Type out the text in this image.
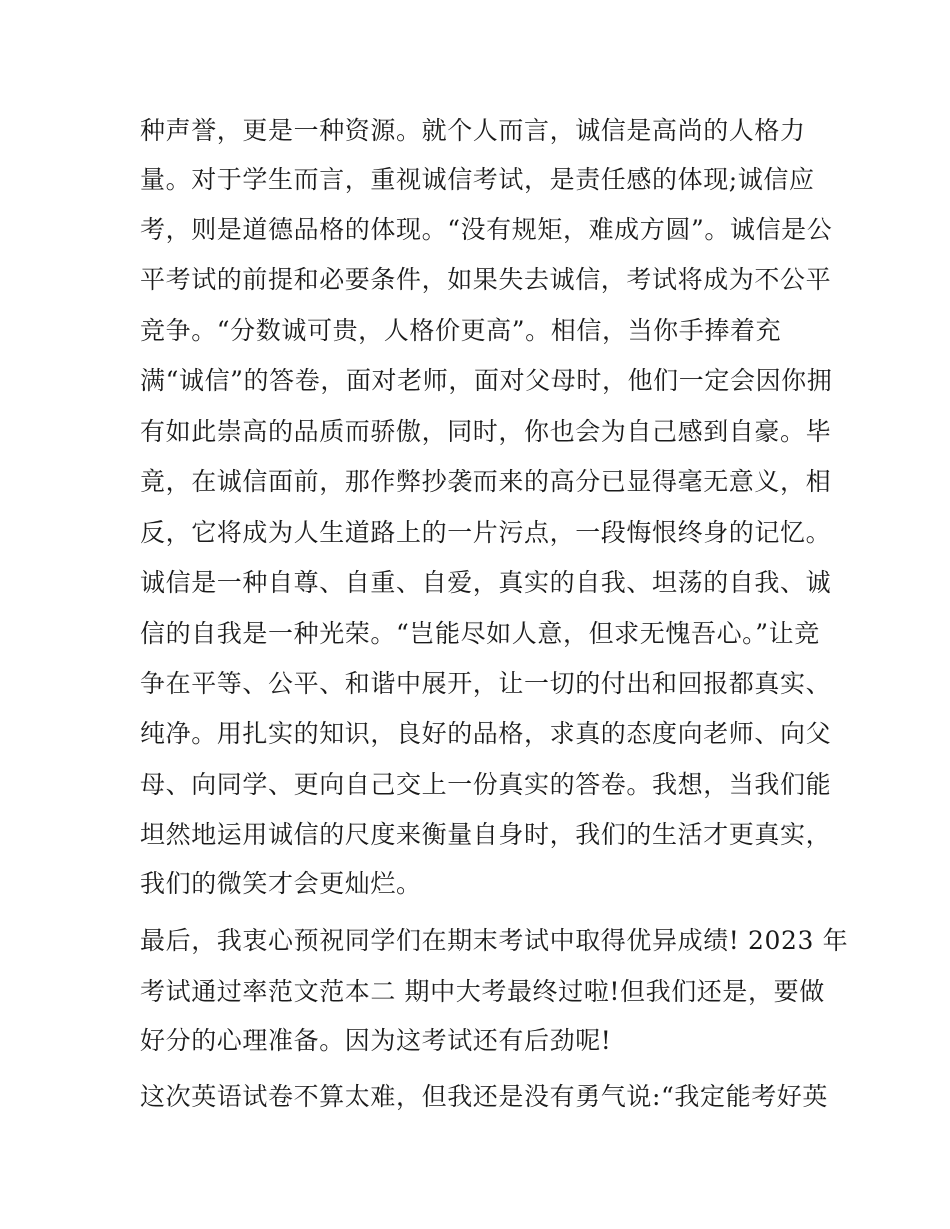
种声誉，更是一种资源。就个人而言，诚信是高尚的人格力
量。对于学生而言，重视诚信考试，是责任感的体现;诚信应
考，则是道德品格的体现。“没有规矩，难成方圆”。诚信是公
平考试的前提和必要条件，如果失去诚信，考试将成为不公平
竞争。“分数诚可贵，人格价更高”。相信，当你手捧着充
满“诚信”的答卷，面对老师，面对父母时，他们一定会因你拥
有如此崇高的品质而骄傲，同时，你也会为自己感到自豪。毕
竟，在诚信面前，那作弊抄袭而来的高分已显得毫无意义，相
反，它将成为人生道路上的一片污点，一段悔恨终身的记忆。
诚信是一种自尊、自重、自爱，真实的自我、坦荡的自我、诚
信的自我是一种光荣。“岂能尽如人意，但求无愧吾心。”让竞
争在平等、公平、和谐中展开，让一切的付出和回报都真实、
纯净。用扎实的知识，良好的品格，求真的态度向老师、向父
母、向同学、更向自己交上一份真实的答卷。我想，当我们能
坦然地运用诚信的尺度来衡量自身时，我们的生活才更真实，
我们的微笑才会更灿烂。
最后，我衷心预祝同学们在期末考试中取得优异成绩! 2023 年
考试通过率范文范本二 期中大考最终过啦!但我们还是，要做
好分的心理准备。因为这考试还有后劲呢!
这次英语试卷不算太难，但我还是没有勇气说:“我定能考好英
